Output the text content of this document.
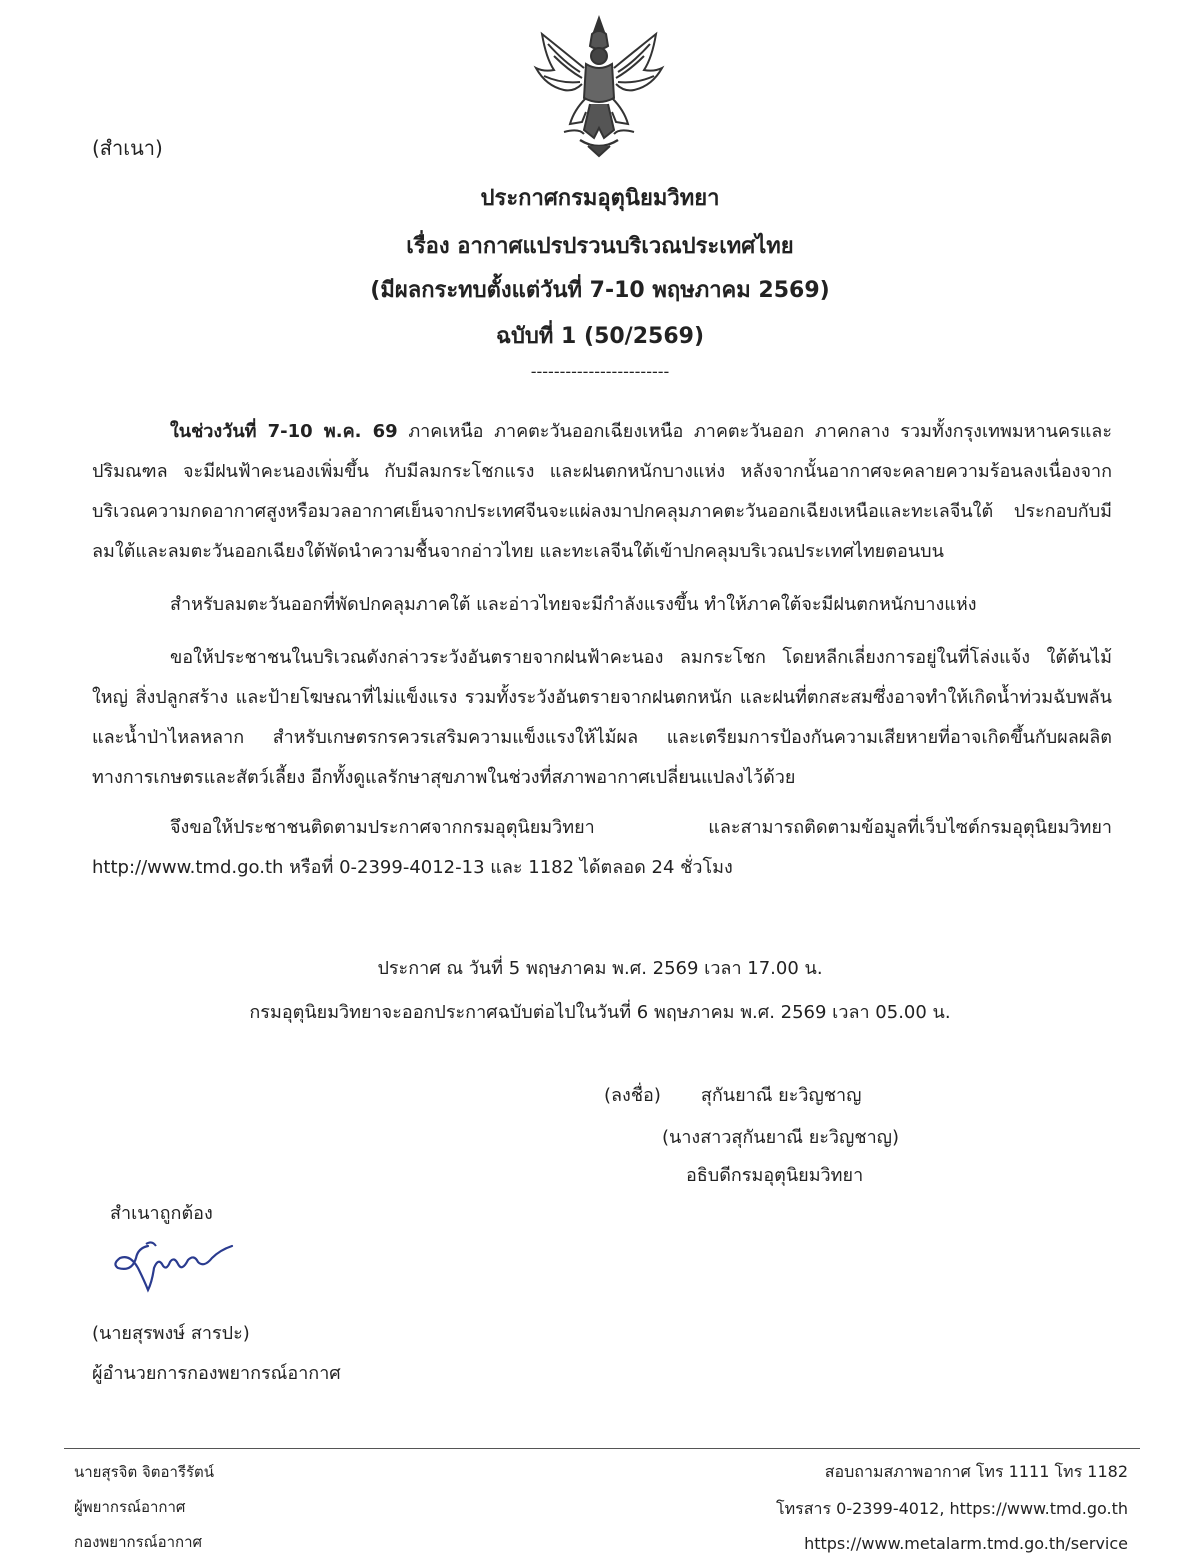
(สำเนา)
ประกาศกรมอุตุนิยมวิทยา
เรื่อง อากาศแปรปรวนบริเวณประเทศไทย
(มีผลกระทบตั้งแต่วันที่ 7-10 พฤษภาคม 2569)
ฉบับที่ 1 (50/2569)
------------------------
ในช่วงวันที่ 7-10 พ.ค. 69 ภาคเหนือ ภาคตะวันออกเฉียงเหนือ ภาคตะวันออก ภาคกลาง รวมทั้งกรุงเทพมหานครและปริมณฑล จะมีฝนฟ้าคะนองเพิ่มขึ้น กับมีลมกระโชกแรง และฝนตกหนักบางแห่ง หลังจากนั้นอากาศจะคลายความร้อนลงเนื่องจากบริเวณความกดอากาศสูงหรือมวลอากาศเย็นจากประเทศจีนจะแผ่ลงมาปกคลุมภาคตะวันออกเฉียงเหนือและทะเลจีนใต้ ประกอบกับมีลมใต้และลมตะวันออกเฉียงใต้พัดนำความชื้นจากอ่าวไทย และทะเลจีนใต้เข้าปกคลุมบริเวณประเทศไทยตอนบน
สำหรับลมตะวันออกที่พัดปกคลุมภาคใต้ และอ่าวไทยจะมีกำลังแรงขึ้น ทำให้ภาคใต้จะมีฝนตกหนักบางแห่ง
ขอให้ประชาชนในบริเวณดังกล่าวระวังอันตรายจากฝนฟ้าคะนอง ลมกระโชก โดยหลีกเลี่ยงการอยู่ในที่โล่งแจ้ง ใต้ต้นไม้ใหญ่ สิ่งปลูกสร้าง และป้ายโฆษณาที่ไม่แข็งแรง รวมทั้งระวังอันตรายจากฝนตกหนัก และฝนที่ตกสะสมซึ่งอาจทำให้เกิดน้ำท่วมฉับพลันและน้ำป่าไหลหลาก สำหรับเกษตรกรควรเสริมความแข็งแรงให้ไม้ผล และเตรียมการป้องกันความเสียหายที่อาจเกิดขึ้นกับผลผลิตทางการเกษตรและสัตว์เลี้ยง อีกทั้งดูแลรักษาสุขภาพในช่วงที่สภาพอากาศเปลี่ยนแปลงไว้ด้วย
จึงขอให้ประชาชนติดตามประกาศจากกรมอุตุนิยมวิทยา และสามารถติดตามข้อมูลที่เว็บไซต์กรมอุตุนิยมวิทยา http://www.tmd.go.th หรือที่ 0-2399-4012-13 และ 1182 ได้ตลอด 24 ชั่วโมง
ประกาศ ณ วันที่ 5 พฤษภาคม พ.ศ. 2569 เวลา 17.00 น.
กรมอุตุนิยมวิทยาจะออกประกาศฉบับต่อไปในวันที่ 6 พฤษภาคม พ.ศ. 2569 เวลา 05.00 น.
(ลงชื่อ) สุกันยาณี ยะวิญชาญ
(นางสาวสุกันยาณี ยะวิญชาญ)
อธิบดีกรมอุตุนิยมวิทยา
สำเนาถูกต้อง
(นายสุรพงษ์ สารปะ)
ผู้อำนวยการกองพยากรณ์อากาศ
นายสุรจิต จิตอารีรัตน์
ผู้พยากรณ์อากาศ
กองพยากรณ์อากาศ
สอบถามสภาพอากาศ โทร 1111 โทร 1182
โทรสาร 0-2399-4012, https://www.tmd.go.th
https://www.metalarm.tmd.go.th/service
